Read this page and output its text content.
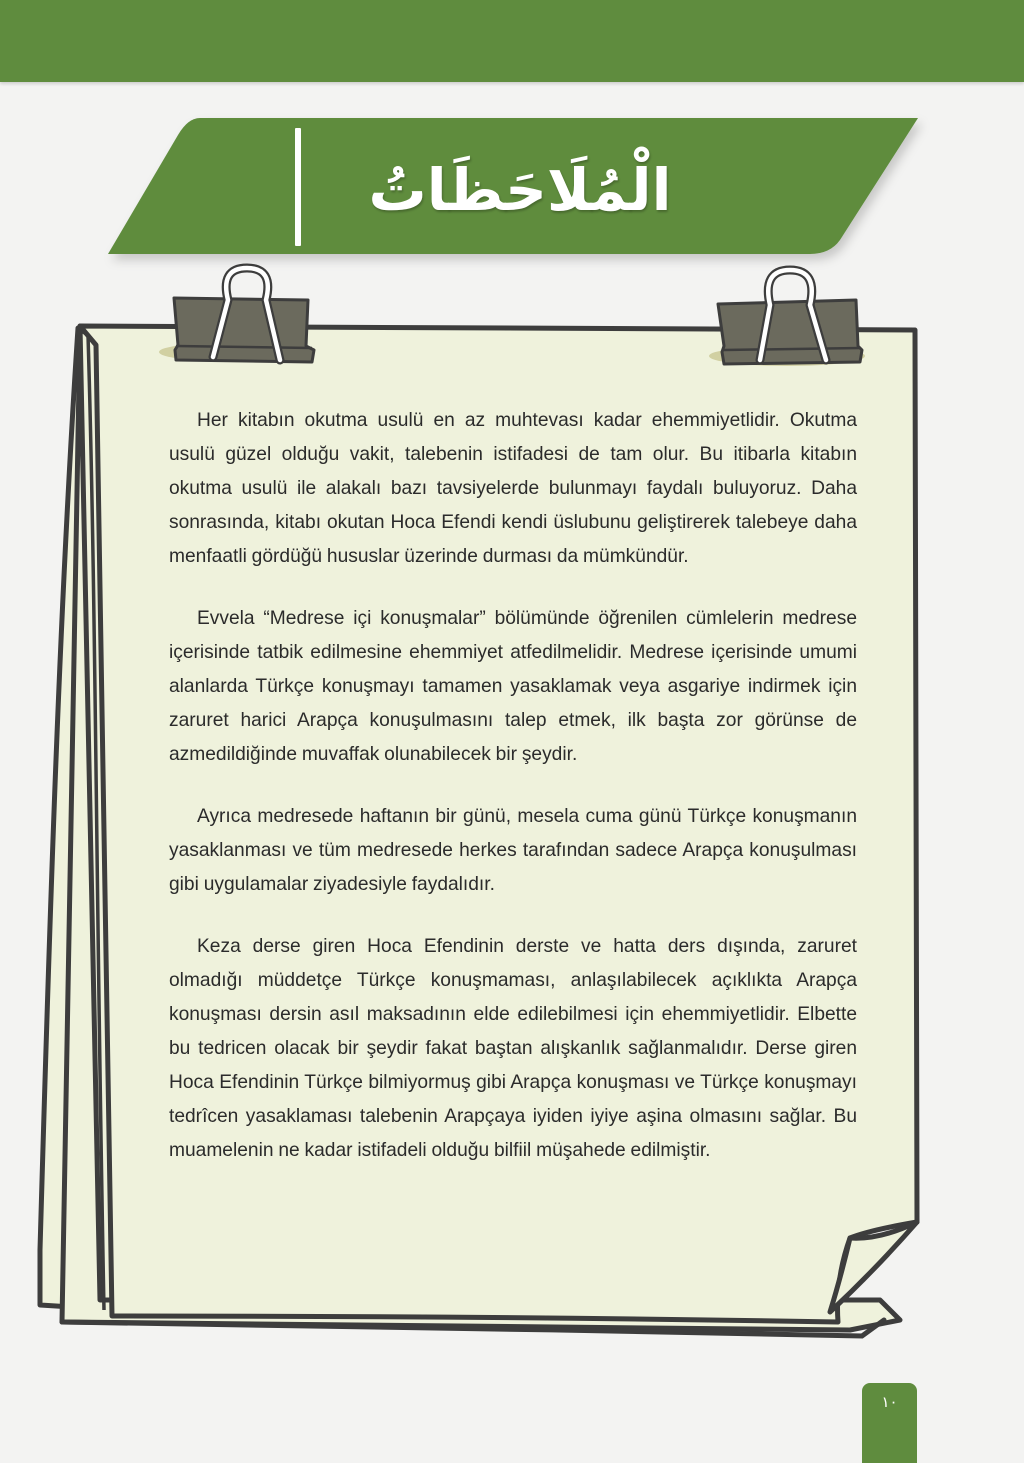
الْمُلَاحَظَاتُ

Her kitabın okutma usulü en az muhtevası kadar ehemmiyetlidir. Okutma usulü güzel olduğu vakit, talebenin istifadesi de tam olur. Bu itibarla kitabın okutma usulü ile alakalı bazı tavsiyelerde bulunmayı faydalı buluyoruz. Daha sonrasında, kitabı okutan Hoca Efendi kendi üslubunu geliştirerek talebeye daha menfaatli gördüğü hususlar üzerinde durması da mümkündür.

Evvela “Medrese içi konuşmalar” bölümünde öğrenilen cümlelerin medrese içerisinde tatbik edilmesine ehemmiyet atfedilmelidir. Medrese içerisinde umumi alanlarda Türkçe konuşmayı tamamen yasaklamak veya asgariye indirmek için zaruret harici Arapça konuşulmasını talep etmek, ilk başta zor görünse de azmedildiğinde muvaffak olunabilecek bir şeydir.

Ayrıca medresede haftanın bir günü, mesela cuma günü Türkçe konuşmanın yasaklanması ve tüm medresede herkes tarafından sadece Arapça konuşulması gibi uygulamalar ziyadesiyle faydalıdır.

Keza derse giren Hoca Efendinin derste ve hatta ders dışında, zaruret olmadığı müddetçe Türkçe konuşmaması, anlaşılabilecek açıklıkta Arapça konuşması dersin asıl maksadının elde edilebilmesi için ehemmiyetlidir. Elbette bu tedricen olacak bir şeydir fakat baştan alışkanlık sağlanmalıdır. Derse giren Hoca Efendinin Türkçe bilmiyormuş gibi Arapça konuşması ve Türkçe konuşmayı tedrîcen yasaklaması talebenin Arapçaya iyiden iyiye aşina olmasını sağlar. Bu muamelenin ne kadar istifadeli olduğu bilfiil müşahede edilmiştir.

١٠
